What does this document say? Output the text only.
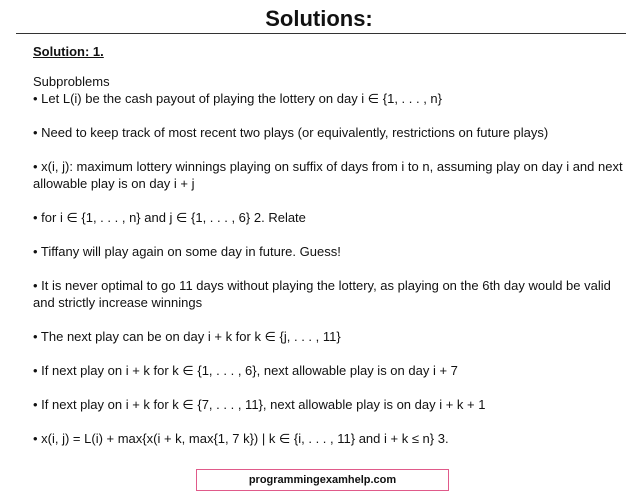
Solutions:
Solution: 1.
Subproblems
• Let L(i) be the cash payout of playing the lottery on day i ∈ {1, . . . , n}
• Need to keep track of most recent two plays (or equivalently, restrictions on future plays)
• x(i, j): maximum lottery winnings playing on suffix of days from i to n, assuming play on day i and next allowable play is on day i + j
• for i ∈ {1, . . . , n} and j ∈ {1, . . . , 6} 2. Relate
• Tiffany will play again on some day in future. Guess!
• It is never optimal to go 11 days without playing the lottery, as playing on the 6th day would be valid and strictly increase winnings
• The next play can be on day i + k for k ∈ {j, . . . , 11}
• If next play on i + k for k ∈ {1, . . . , 6}, next allowable play is on day i + 7
• If next play on i + k for k ∈ {7, . . . , 11}, next allowable play is on day i + k + 1
• x(i, j) = L(i) + max{x(i + k, max{1, 7 k}) | k ∈ {i, . . . , 11} and i + k ≤ n} 3.
programmingexamhelp.com
